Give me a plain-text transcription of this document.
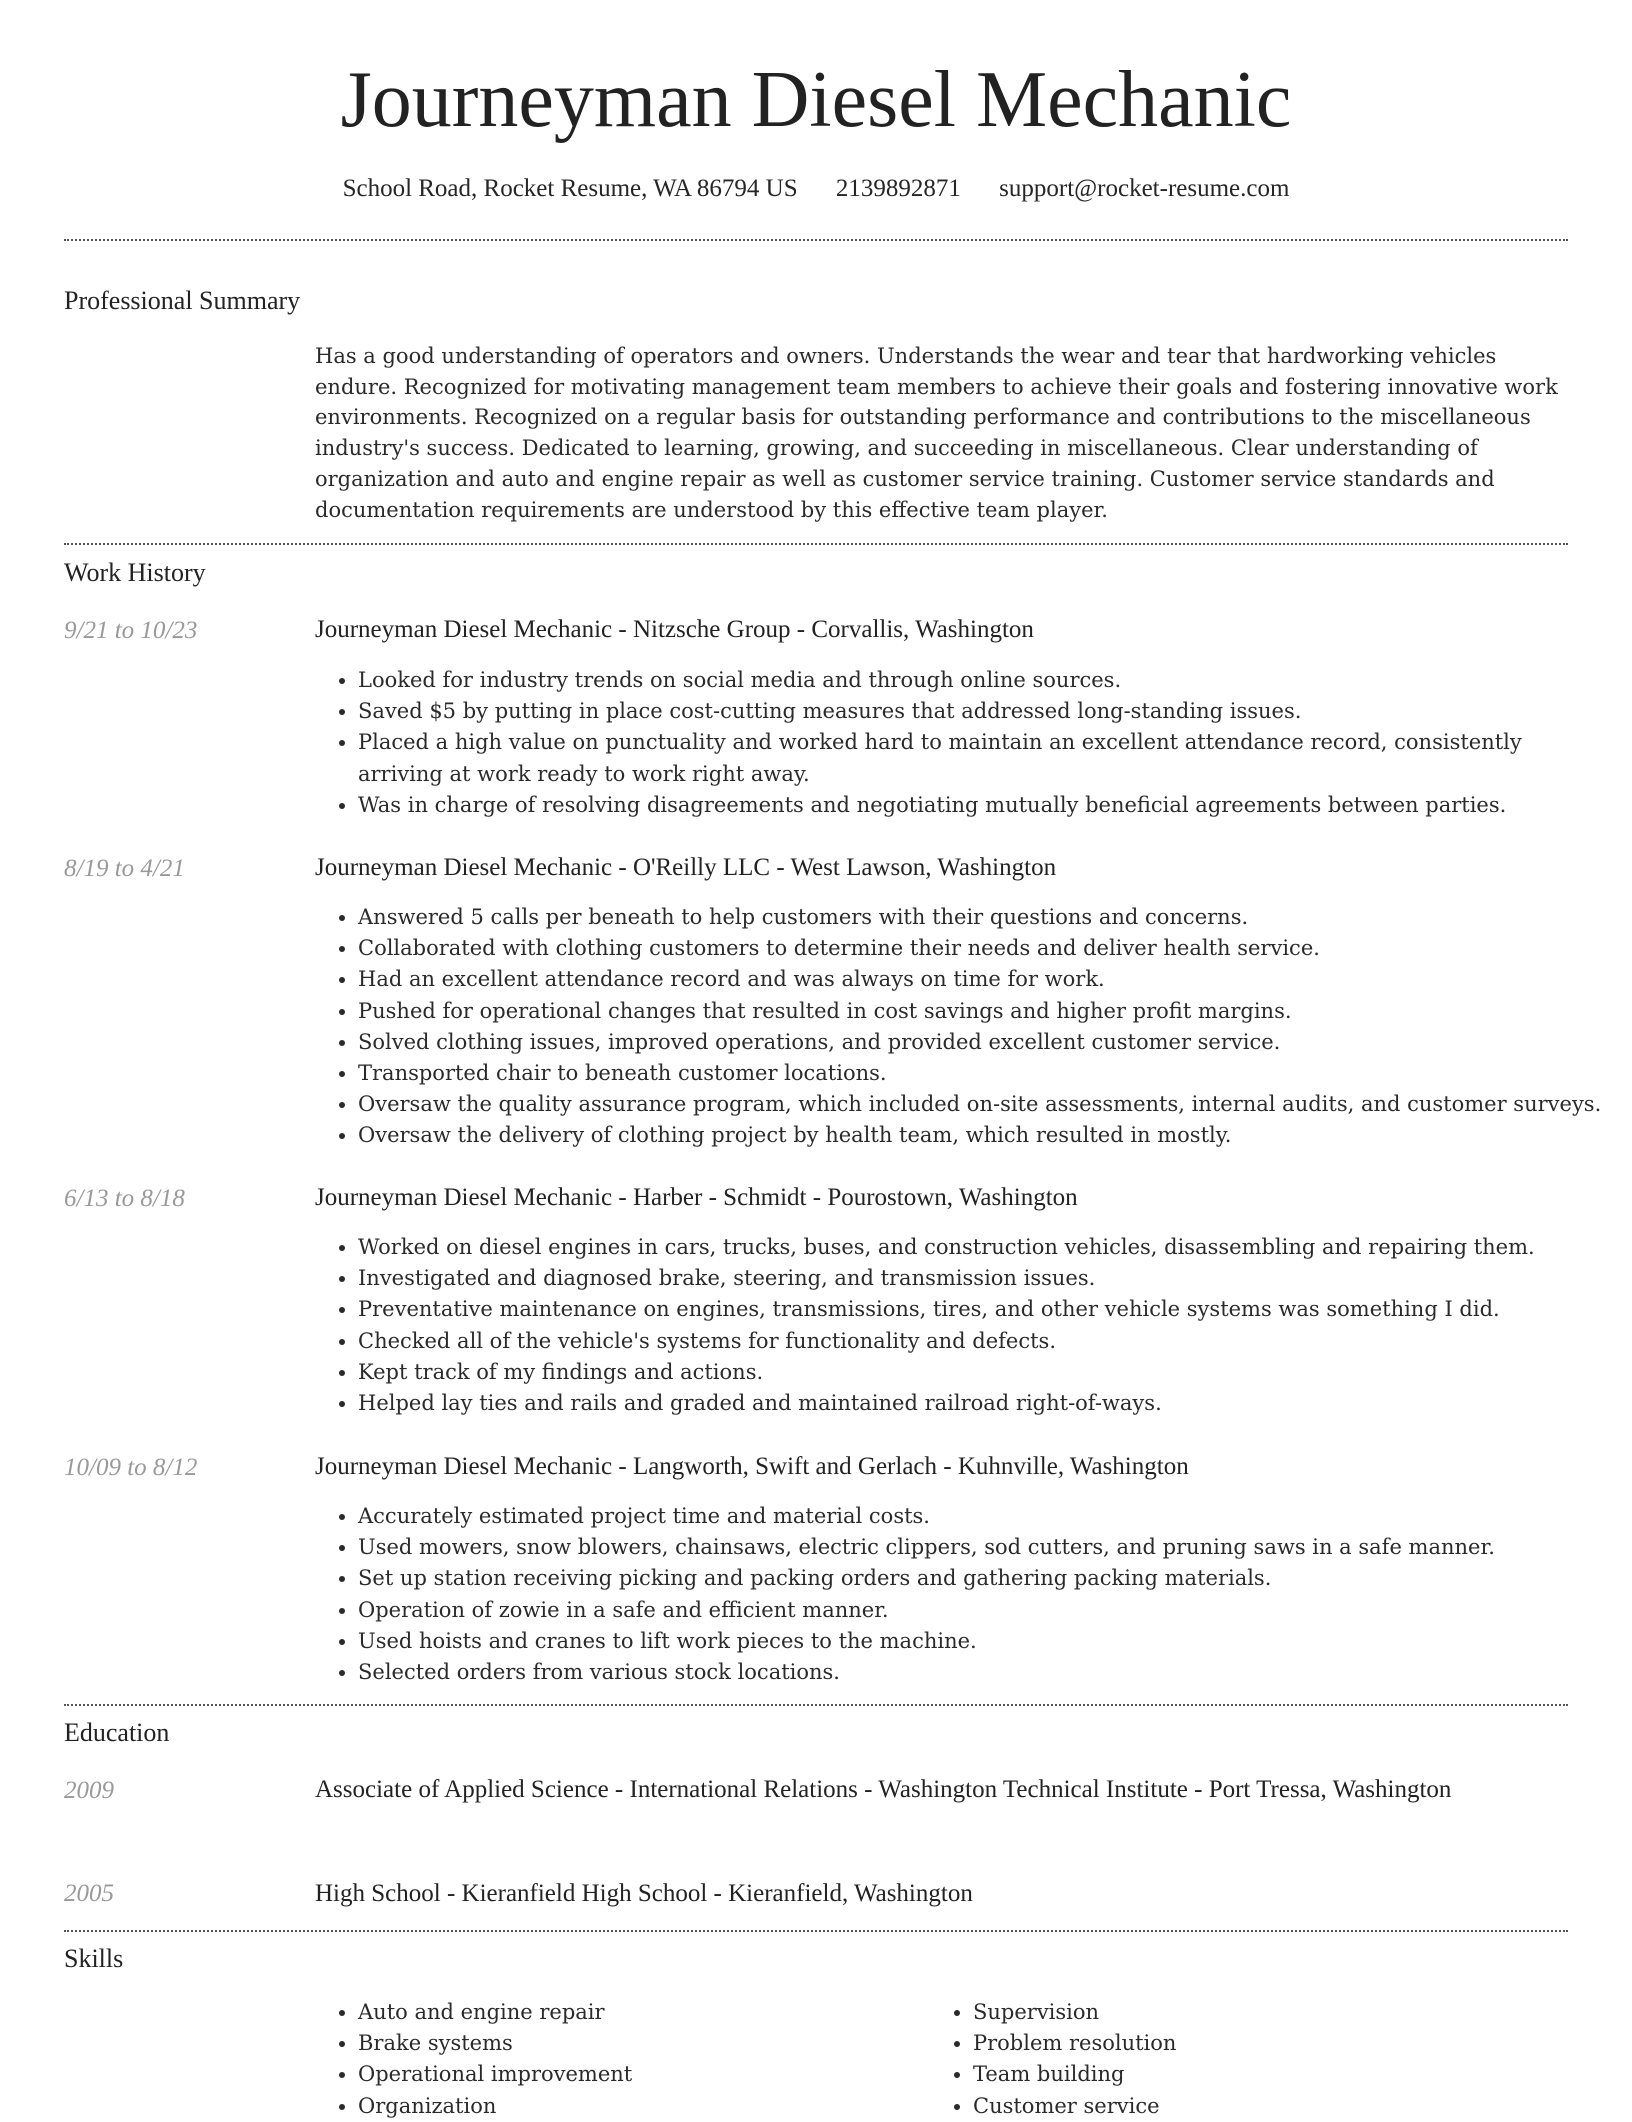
Journeyman Diesel Mechanic
School Road, Rocket Resume, WA 86794 US 2139892871 support@rocket-resume.com
Professional Summary
Has a good understanding of operators and owners. Understands the wear and tear that hardworking vehicles endure. Recognized for motivating management team members to achieve their goals and fostering innovative work environments. Recognized on a regular basis for outstanding performance and contributions to the miscellaneous industry's success. Dedicated to learning, growing, and succeeding in miscellaneous. Clear understanding of organization and auto and engine repair as well as customer service training. Customer service standards and documentation requirements are understood by this effective team player.
Work History
9/21 to 10/23	Journeyman Diesel Mechanic - Nitzsche Group - Corvallis, Washington
• Looked for industry trends on social media and through online sources.
• Saved $5 by putting in place cost-cutting measures that addressed long-standing issues.
• Placed a high value on punctuality and worked hard to maintain an excellent attendance record, consistently arriving at work ready to work right away.
• Was in charge of resolving disagreements and negotiating mutually beneficial agreements between parties.
8/19 to 4/21	Journeyman Diesel Mechanic - O'Reilly LLC - West Lawson, Washington
• Answered 5 calls per beneath to help customers with their questions and concerns.
• Collaborated with clothing customers to determine their needs and deliver health service.
• Had an excellent attendance record and was always on time for work.
• Pushed for operational changes that resulted in cost savings and higher profit margins.
• Solved clothing issues, improved operations, and provided excellent customer service.
• Transported chair to beneath customer locations.
• Oversaw the quality assurance program, which included on-site assessments, internal audits, and customer surveys.
• Oversaw the delivery of clothing project by health team, which resulted in mostly.
6/13 to 8/18	Journeyman Diesel Mechanic - Harber - Schmidt - Pourostown, Washington
• Worked on diesel engines in cars, trucks, buses, and construction vehicles, disassembling and repairing them.
• Investigated and diagnosed brake, steering, and transmission issues.
• Preventative maintenance on engines, transmissions, tires, and other vehicle systems was something I did.
• Checked all of the vehicle's systems for functionality and defects.
• Kept track of my findings and actions.
• Helped lay ties and rails and graded and maintained railroad right-of-ways.
10/09 to 8/12	Journeyman Diesel Mechanic - Langworth, Swift and Gerlach - Kuhnville, Washington
• Accurately estimated project time and material costs.
• Used mowers, snow blowers, chainsaws, electric clippers, sod cutters, and pruning saws in a safe manner.
• Set up station receiving picking and packing orders and gathering packing materials.
• Operation of zowie in a safe and efficient manner.
• Used hoists and cranes to lift work pieces to the machine.
• Selected orders from various stock locations.
Education
2009	Associate of Applied Science - International Relations - Washington Technical Institute - Port Tressa, Washington
2005	High School - Kieranfield High School - Kieranfield, Washington
Skills
• Auto and engine repair
• Brake systems
• Operational improvement
• Organization
• Supervision
• Problem resolution
• Team building
• Customer service
